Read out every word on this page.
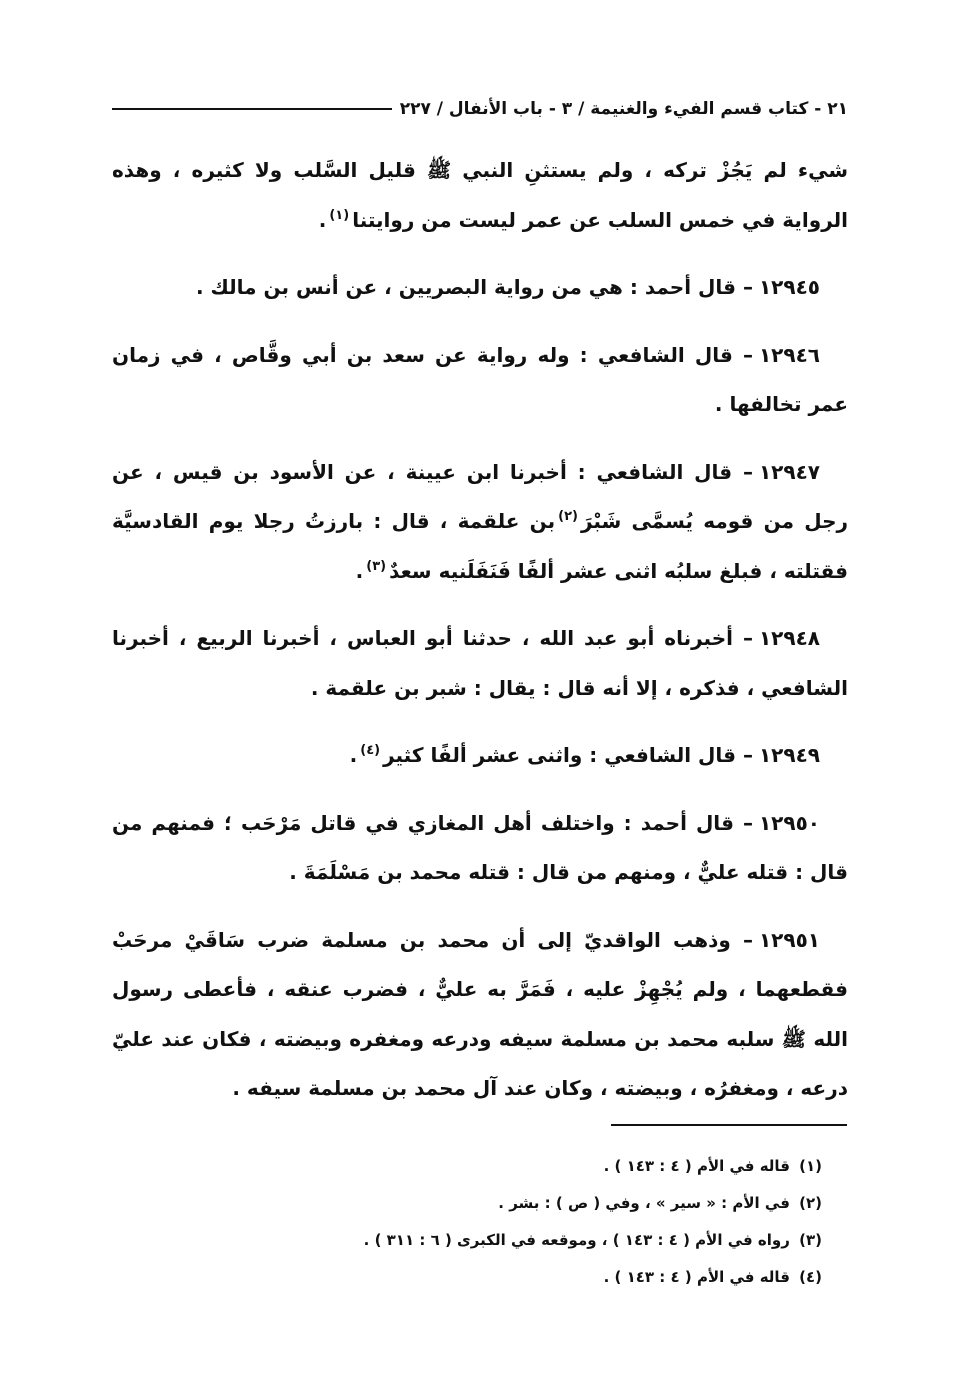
٢١ - كتاب قسم الفيء والغنيمة / ٣ - باب الأنفال / ٢٢٧

شيء لم يَجُزْ تركه ، ولم يستثنِ النبي ﷺ قليل السَّلب ولا كثيره ، وهذه الرواية في خمس السلب عن عمر ليست من روايتنا$^{(١)}$.

١٢٩٤٥– قال أحمد : هي من رواية البصريين ، عن أنس بن مالك .

١٢٩٤٦– قال الشافعي : وله رواية عن سعد بن أبي وقَّاص ، في زمان عمر تخالفها .

١٢٩٤٧– قال الشافعي : أخبرنا ابن عيينة ، عن الأسود بن قيس ، عن رجل من قومه يُسمَّى شَبْرَ$^{(٢)}$بن علقمة ، قال : بارزتُ رجلا يوم القادسيَّة فقتلته ، فبلغ سلبُه اثنى عشر ألفًا فَنَفَلَنيه سعدٌ$^{(٣)}$.

١٢٩٤٨– أخبرناه أبو عبد الله ، حدثنا أبو العباس ، أخبرنا الربيع ، أخبرنا الشافعي ، فذكره ، إلا أنه قال : يقال : شبر بن علقمة .

١٢٩٤٩– قال الشافعي : واثنى عشر ألفًا كثير$^{(٤)}$.

١٢٩٥٠– قال أحمد : واختلف أهل المغازي في قاتل مَرْحَب ؛ فمنهم من قال : قتله عليٌّ ، ومنهم من قال : قتله محمد بن مَسْلَمَةَ .

١٢٩٥١– وذهب الواقديّ إلى أن محمد بن مسلمة ضرب سَاقَيْ مرحَبْ فقطعهما ، ولم يُجْهِزْ عليه ، فَمَرَّ به عليٌّ ، فضرب عنقه ، فأعطى رسول الله ﷺ سلبه محمد بن مسلمة سيفه ودرعه ومغفره وبيضته ، فكان عند عليّ درعه ، ومغفرُه ، وبيضته ، وكان عند آل محمد بن مسلمة سيفه .

(١) قاله في الأم ( ٤ : ١٤٣ ) .
(٢) في الأم : « سير » ، وفي ( ص ) : بشر .
(٣) رواه في الأم ( ٤ : ١٤٣ ) ، وموقعه في الكبرى ( ٦ : ٣١١ ) .
(٤) قاله في الأم ( ٤ : ١٤٣ ) .
